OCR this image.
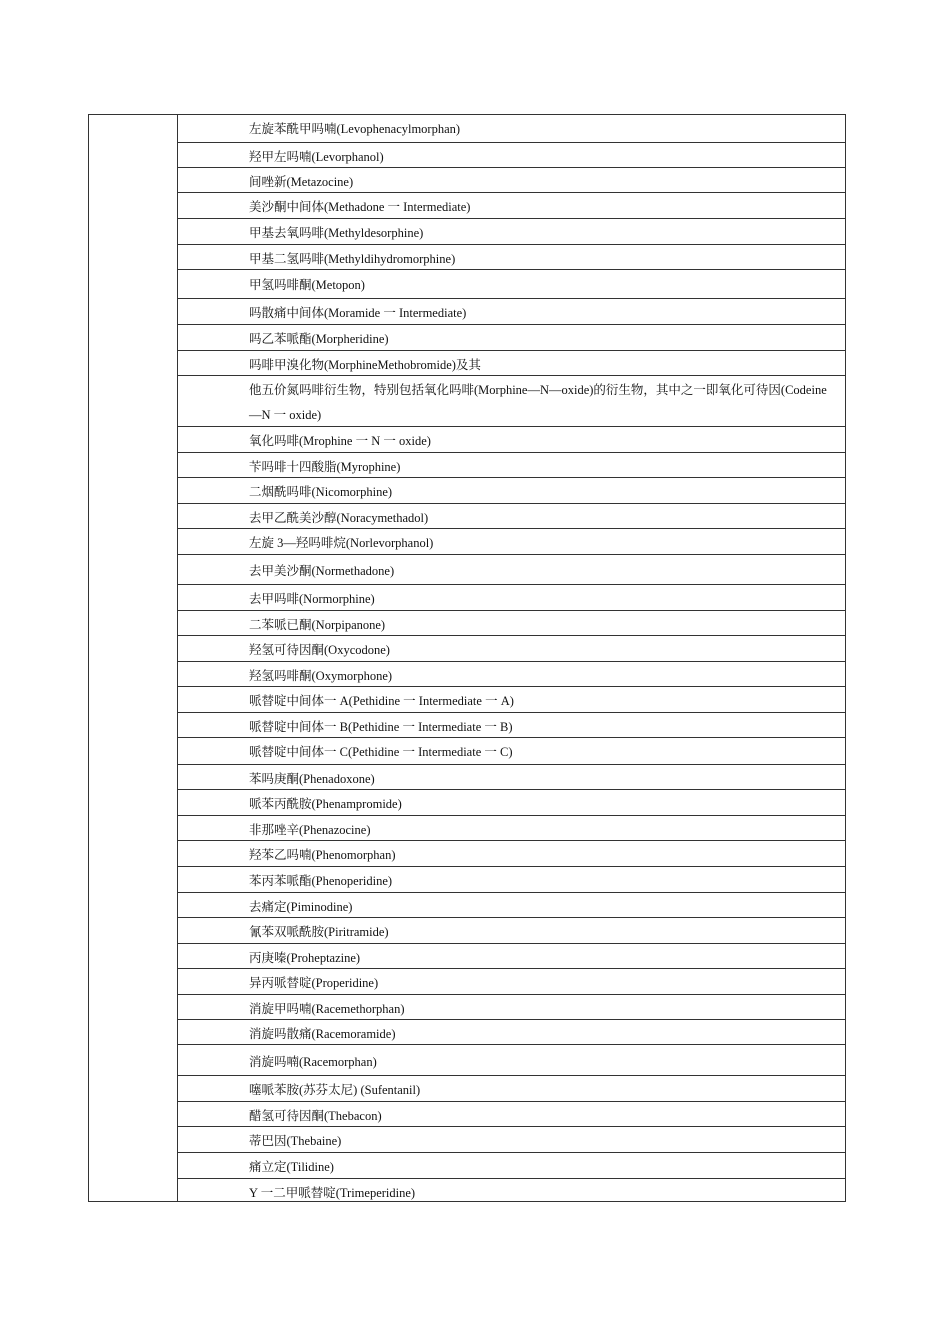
左旋苯酰甲吗喃(Levophenacylmorphan)
羟甲左吗喃(Levorphanol)
间唑新(Metazocine)
美沙酮中间体(Methadone 一 Intermediate)
甲基去氧吗啡(Methyldesorphine)
甲基二氢吗啡(Methyldihydromorphine)
甲氢吗啡酮(Metopon)
吗散痛中间体(Moramide 一 Intermediate)
吗乙苯哌酯(Morpheridine)
吗啡甲溴化物(MorphineMethobromide)及其
他五价氮吗啡衍生物，特别包括氧化吗啡(Morphine—N—oxide)的衍生物，其中之一即氧化可待因(Codeine—N 一 oxide)
氧化吗啡(Mrophine 一 N 一 oxide)
苄吗啡十四酸脂(Myrophine)
二烟酰吗啡(Nicomorphine)
去甲乙酰美沙醇(Noracymethadol)
左旋 3—羟吗啡烷(Norlevorphanol)
去甲美沙酮(Normethadone)
去甲吗啡(Normorphine)
二苯哌已酮(Norpipanone)
羟氢可待因酮(Oxycodone)
羟氢吗啡酮(Oxymorphone)
哌替啶中间体一 A(Pethidine 一 Intermediate 一 A)
哌替啶中间体一 B(Pethidine 一 Intermediate 一 B)
哌替啶中间体一 C(Pethidine 一 Intermediate 一 C)
苯吗庚酮(Phenadoxone)
哌苯丙酰胺(Phenampromide)
非那唑辛(Phenazocine)
羟苯乙吗喃(Phenomorphan)
苯丙苯哌酯(Phenoperidine)
去痛定(Piminodine)
氰苯双哌酰胺(Piritramide)
丙庚嗪(Proheptazine)
异丙哌替啶(Properidine)
消旋甲吗喃(Racemethorphan)
消旋吗散痛(Racemoramide)
消旋吗喃(Racemorphan)
噻哌苯胺(苏芬太尼) (Sufentanil)
醋氢可待因酮(Thebacon)
蒂巴因(Thebaine)
痛立定(Tilidine)
Y 一二甲哌替啶(Trimeperidine)
